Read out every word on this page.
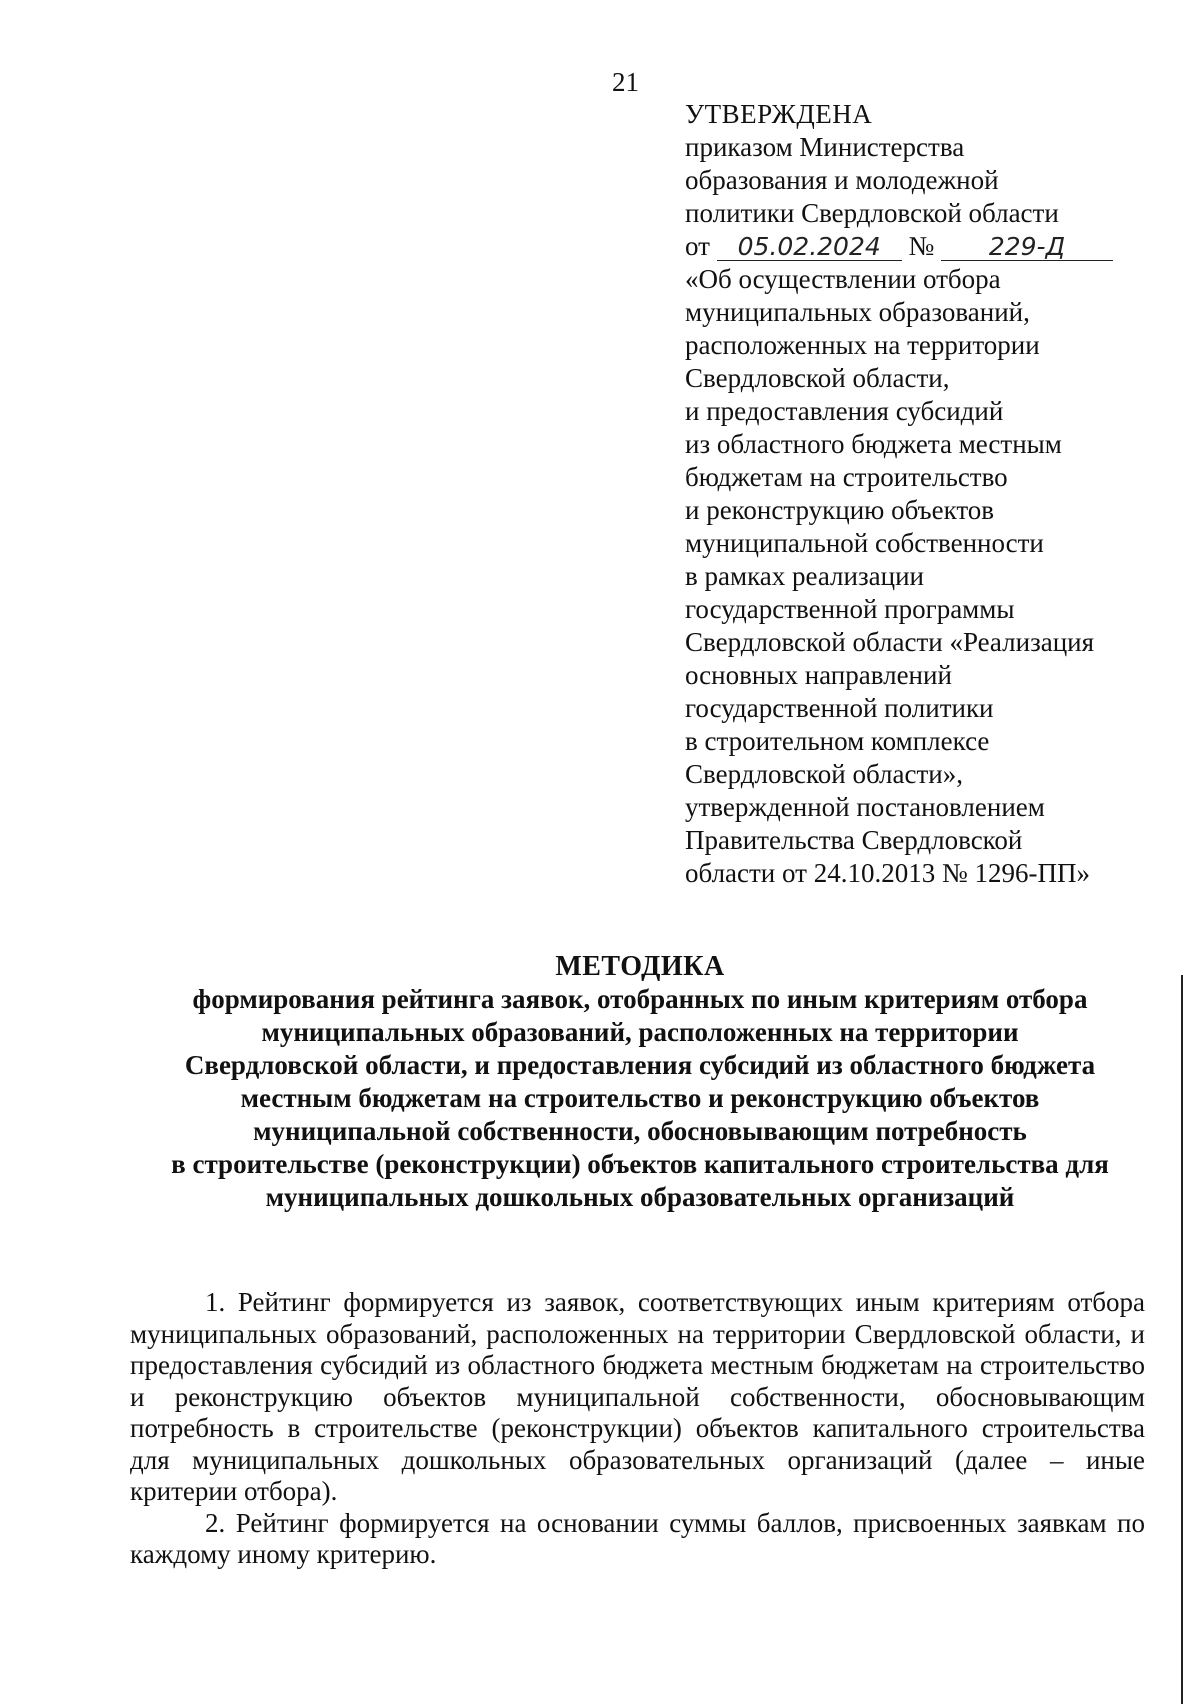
21
УТВЕРЖДЕНА
приказом Министерства
образования и молодежной
политики Свердловской области
от 05.02.2024 № 229-Д
«Об осуществлении отбора
муниципальных образований,
расположенных на территории
Свердловской области,
и предоставления субсидий
из областного бюджета местным
бюджетам на строительство
и реконструкцию объектов
муниципальной собственности
в рамках реализации
государственной программы
Свердловской области «Реализация
основных направлений
государственной политики
в строительном комплексе
Свердловской области»,
утвержденной постановлением
Правительства Свердловской
области от 24.10.2013 № 1296-ПП»
МЕТОДИКА
формирования рейтинга заявок, отобранных по иным критериям отбора
муниципальных образований, расположенных на территории
Свердловской области, и предоставления субсидий из областного бюджета
местным бюджетам на строительство и реконструкцию объектов
муниципальной собственности, обосновывающим потребность
в строительстве (реконструкции) объектов капитального строительства для
муниципальных дошкольных образовательных организаций

1. Рейтинг формируется из заявок, соответствующих иным критериям отбора муниципальных образований, расположенных на территории Свердловской области, и предоставления субсидий из областного бюджета местным бюджетам на строительство и реконструкцию объектов муниципальной собственности, обосновывающим потребность в строительстве (реконструкции) объектов капитального строительства для муниципальных дошкольных образовательных организаций (далее – иные критерии отбора).

2. Рейтинг формируется на основании суммы баллов, присвоенных заявкам по каждому иному критерию.
